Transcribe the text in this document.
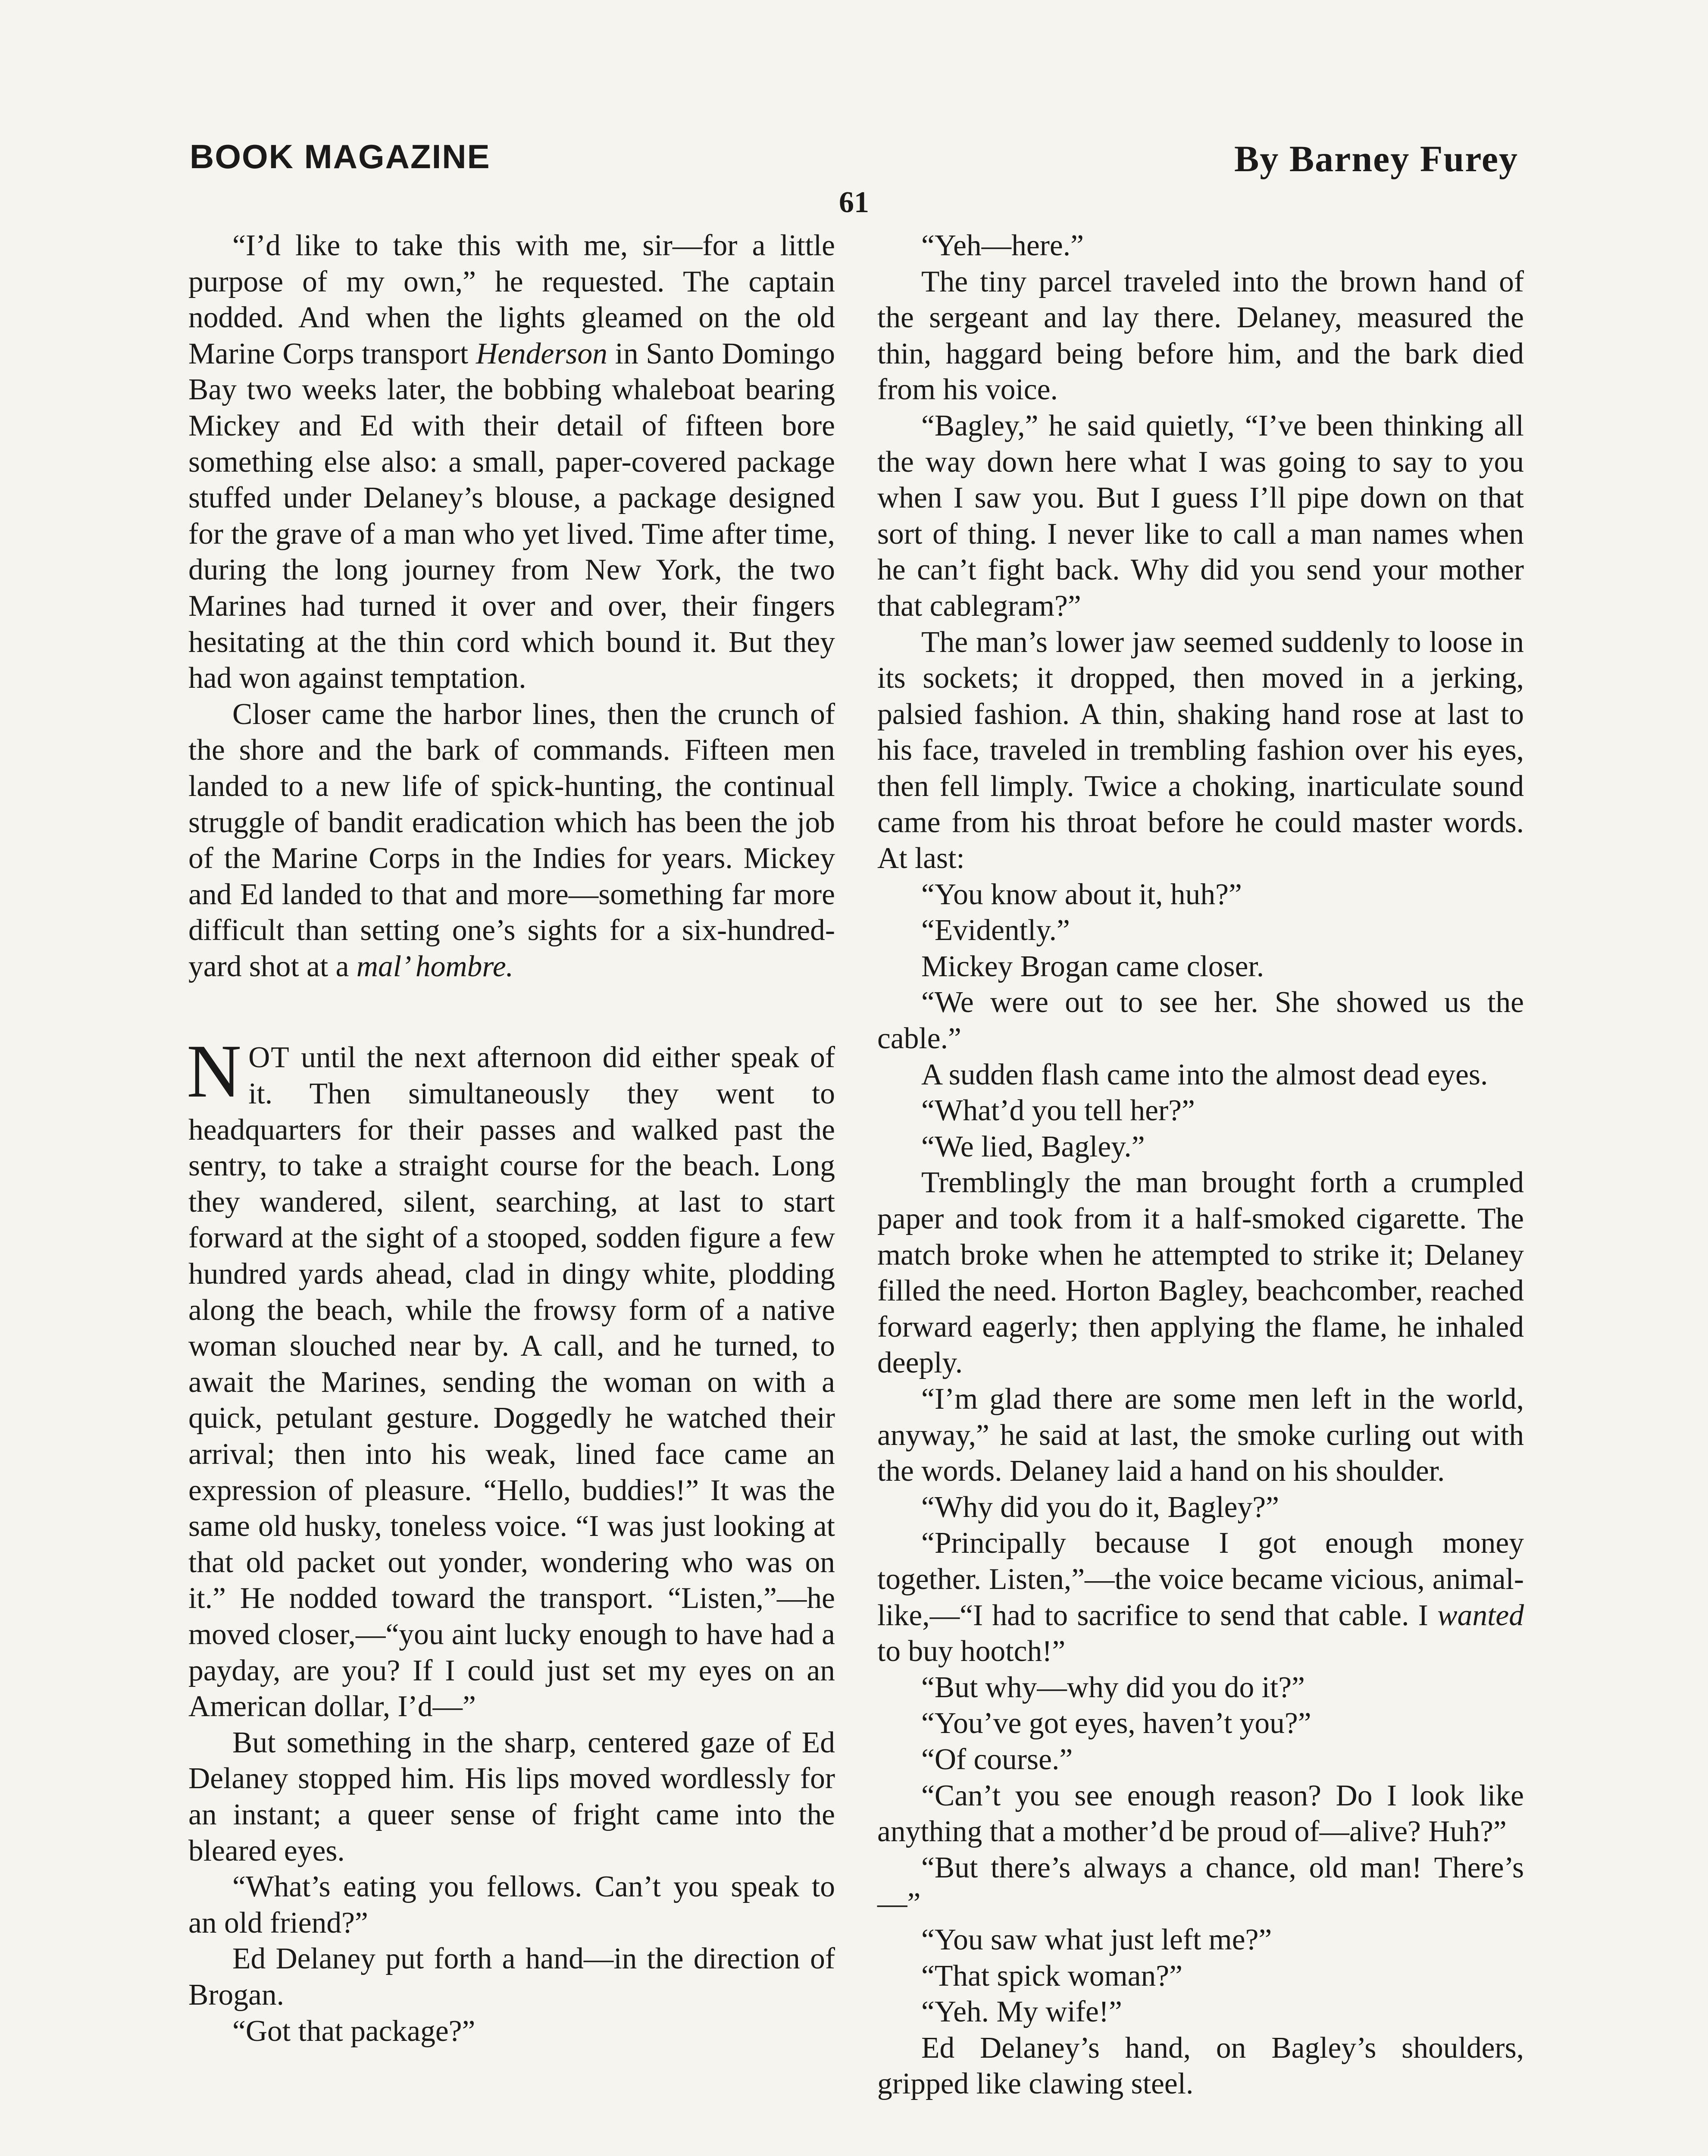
BOOK MAGAZINE	By Barney Furey
61

“I’d like to take this with me, sir—for a little purpose of my own,” he requested. The captain nodded. And when the lights gleamed on the old Marine Corps transport Henderson in Santo Domingo Bay two weeks later, the bobbing whaleboat bearing Mickey and Ed with their detail of fifteen bore something else also: a small, paper-covered package stuffed under Delaney’s blouse, a package designed for the grave of a man who yet lived. Time after time, during the long journey from New York, the two Marines had turned it over and over, their fingers hesitating at the thin cord which bound it. But they had won against temptation.

Closer came the harbor lines, then the crunch of the shore and the bark of commands. Fifteen men landed to a new life of spick-hunting, the continual struggle of bandit eradication which has been the job of the Marine Corps in the Indies for years. Mickey and Ed landed to that and more—something far more difficult than setting one’s sights for a six-hundred-yard shot at a mal’ hombre.

NOT until the next afternoon did either speak of it. Then simultaneously they went to headquarters for their passes and walked past the sentry, to take a straight course for the beach. Long they wandered, silent, searching, at last to start forward at the sight of a stooped, sodden figure a few hundred yards ahead, clad in dingy white, plodding along the beach, while the frowsy form of a native woman slouched near by. A call, and he turned, to await the Marines, sending the woman on with a quick, petulant gesture. Doggedly he watched their arrival; then into his weak, lined face came an expression of pleasure. “Hello, buddies!” It was the same old husky, toneless voice. “I was just looking at that old packet out yonder, wondering who was on it.” He nodded toward the transport. “Listen,”—he moved closer,—“you aint lucky enough to have had a payday, are you? If I could just set my eyes on an American dollar, I’d—”

But something in the sharp, centered gaze of Ed Delaney stopped him. His lips moved wordlessly for an instant; a queer sense of fright came into the bleared eyes.

“What’s eating you fellows. Can’t you speak to an old friend?”

Ed Delaney put forth a hand—in the direction of Brogan.

“Got that package?”

“Yeh—here.”

The tiny parcel traveled into the brown hand of the sergeant and lay there. Delaney, measured the thin, haggard being before him, and the bark died from his voice.

“Bagley,” he said quietly, “I’ve been thinking all the way down here what I was going to say to you when I saw you. But I guess I’ll pipe down on that sort of thing. I never like to call a man names when he can’t fight back. Why did you send your mother that cablegram?”

The man’s lower jaw seemed suddenly to loose in its sockets; it dropped, then moved in a jerking, palsied fashion. A thin, shaking hand rose at last to his face, traveled in trembling fashion over his eyes, then fell limply. Twice a choking, inarticulate sound came from his throat before he could master words. At last:

“You know about it, huh?”

“Evidently.”

Mickey Brogan came closer.

“We were out to see her. She showed us the cable.”

A sudden flash came into the almost dead eyes.

“What’d you tell her?”

“We lied, Bagley.”

Tremblingly the man brought forth a crumpled paper and took from it a half-smoked cigarette. The match broke when he attempted to strike it; Delaney filled the need. Horton Bagley, beachcomber, reached forward eagerly; then applying the flame, he inhaled deeply.

“I’m glad there are some men left in the world, anyway,” he said at last, the smoke curling out with the words. Delaney laid a hand on his shoulder.

“Why did you do it, Bagley?”

“Principally because I got enough money together. Listen,”—the voice became vicious, animal-like,—“I had to sacrifice to send that cable. I wanted to buy hootch!”

“But why—why did you do it?”

“You’ve got eyes, haven’t you?”

“Of course.”

“Can’t you see enough reason? Do I look like anything that a mother’d be proud of—alive? Huh?”

“But there’s always a chance, old man! There’s—”

“You saw what just left me?”

“That spick woman?”

“Yeh. My wife!”

Ed Delaney’s hand, on Bagley’s shoulders, gripped like clawing steel.
